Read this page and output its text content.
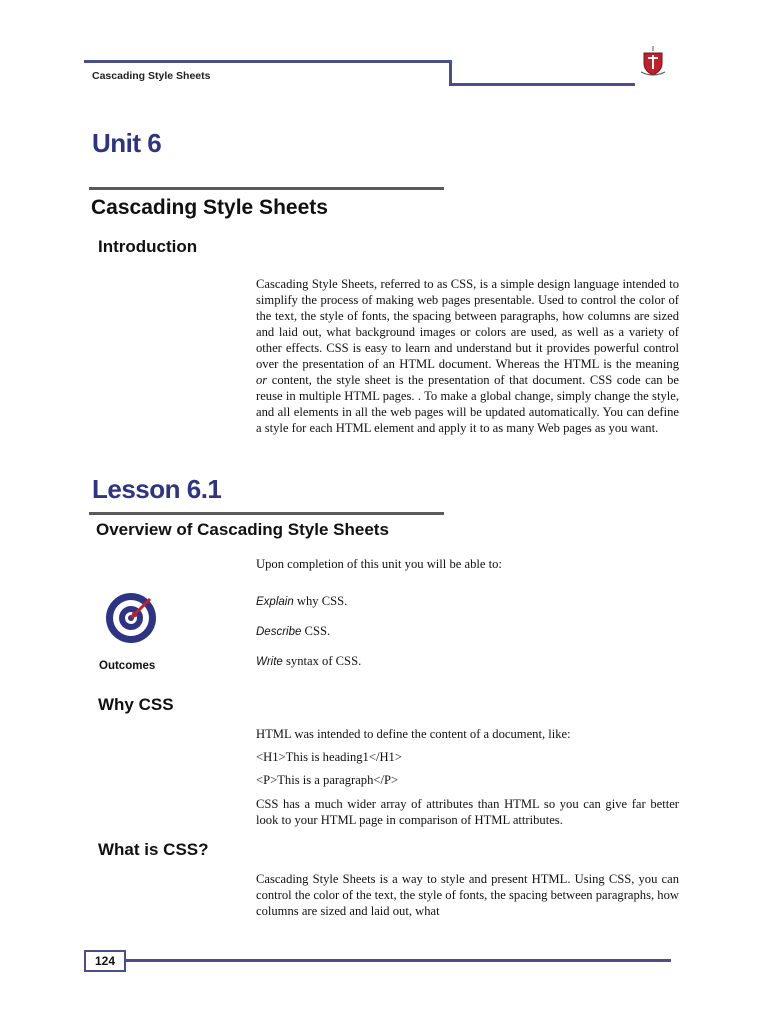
Cascading Style Sheets
Unit 6
Cascading Style Sheets
Introduction
Cascading Style Sheets, referred to as CSS, is a simple design language intended to simplify the process of making web pages presentable. Used to control the color of the text, the style of fonts, the spacing between paragraphs, how columns are sized and laid out, what background images or colors are used, as well as a variety of other effects. CSS is easy to learn and understand but it provides powerful control over the presentation of an HTML document. Whereas the HTML is the meaning or content, the style sheet is the presentation of that document. CSS code can be reuse in multiple HTML pages. . To make a global change, simply change the style, and all elements in all the web pages will be updated automatically. You can define a style for each HTML element and apply it to as many Web pages as you want.
Lesson 6.1
Overview of Cascading Style Sheets
Upon completion of this unit you will be able to:
Outcomes
Explain why CSS.
Describe CSS.
Write syntax of CSS.
Why CSS
HTML was intended to define the content of a document, like:
<H1>This is heading1</H1>
<P>This is a paragraph</P>
CSS has a much wider array of attributes than HTML so you can give far better look to your HTML page in comparison of HTML attributes.
What is CSS?
Cascading Style Sheets is a way to style and present HTML. Using CSS, you can control the color of the text, the style of fonts, the spacing between paragraphs, how columns are sized and laid out, what
124
